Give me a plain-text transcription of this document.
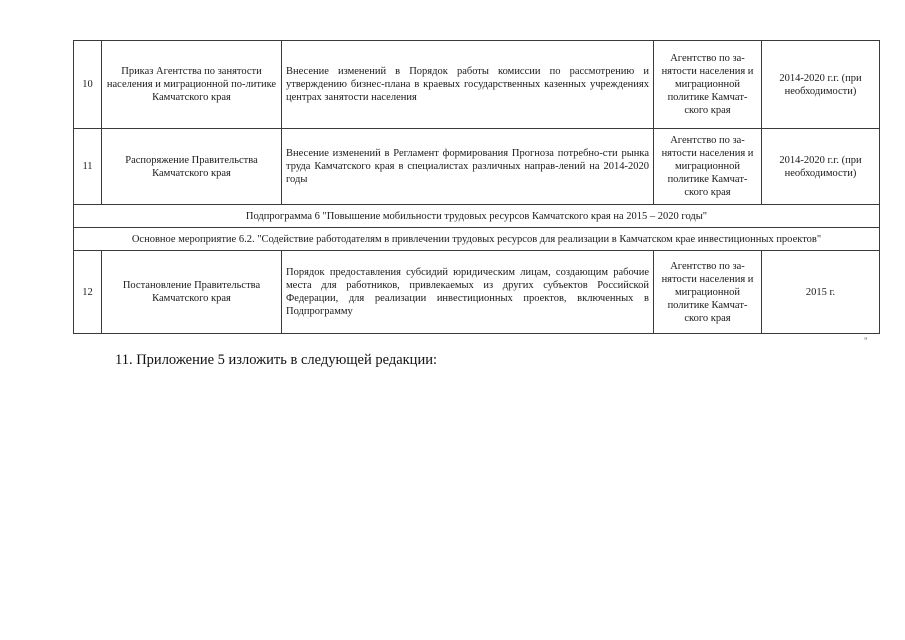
10	Приказ Агентства по занятости населения и миграционной по-литике Камчатского края	Внесение изменений в Порядок работы комиссии по рассмотрению и утверждению бизнес-плана в краевых государственных казенных учреждениях центрах занятости населения	Агентство по за-нятости населения и миграционной политике Камчат-ского края	2014-2020 г.г. (при необходимости)
11	Распоряжение Правительства Камчатского края	Внесение изменений в Регламент формирования Прогноза потребно-сти рынка труда Камчатского края в специалистах различных направ-лений на 2014-2020 годы	Агентство по за-нятости населения и миграционной политике Камчат-ского края	2014-2020 г.г. (при необходимости)
Подпрограмма 6 "Повышение мобильности трудовых ресурсов Камчатского края на 2015 – 2020 годы"				
Основное мероприятие 6.2. "Содействие работодателям в привлечении трудовых ресурсов для реализации в Камчатском крае инвестиционных проектов"				
12	Постановление Правительства Камчатского края	Порядок предоставления субсидий юридическим лицам, создающим рабочие места для работников, привлекаемых из других субъектов Российской Федерации, для реализации инвестиционных проектов, включенных в Подпрограмму	Агентство по за-нятости населения и миграционной политике Камчат-ского края	2015 г.
"
11. Приложение 5 изложить в следующей редакции:
